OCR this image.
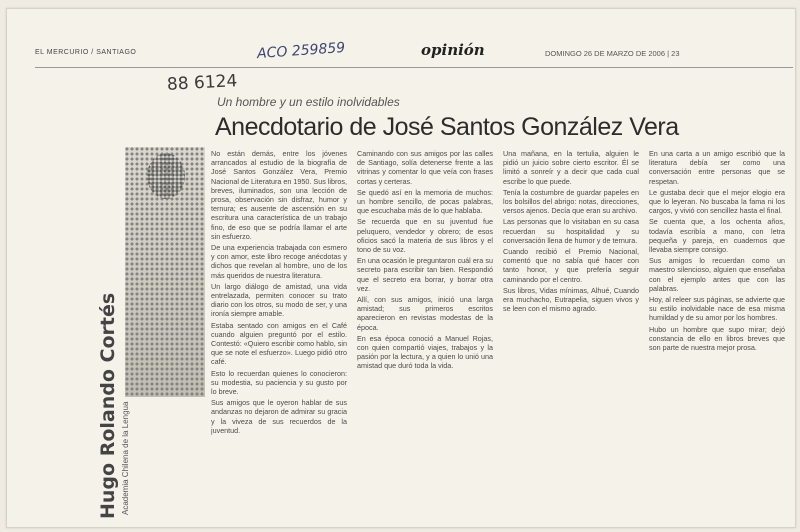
EL MERCURIO / SANTIAGO	ACO 259859	opinión	DOMINGO 26 DE MARZO DE 2006 | 23
88 6124
Un hombre y un estilo inolvidables
Anecdotario de José Santos González Vera
Hugo Rolando Cortés Academia Chilena de la Lengua

No están demás, entre los jóvenes arrancados al estudio de la biografía de José Santos González Vera, Premio Nacional de Literatura en 1950. Sus libros, breves, iluminados, son una lección de prosa, observación sin disfraz, humor y ternura; es ausente de ascensión en su escritura una característica de un trabajo fino, de eso que se podría llamar el arte sin esfuerzo.

De una experiencia trabajada con esmero y con amor, este libro recoge anécdotas y dichos que revelan al hombre, uno de los más queridos de nuestra literatura.

Un largo diálogo de amistad, una vida entrelazada, permiten conocer su trato diario con los otros, su modo de ser, y una ironía siempre amable.

Estaba sentado con amigos en el Café cuando alguien preguntó por el estilo. Contestó: «Quiero escribir como hablo, sin que se note el esfuerzo». Luego pidió otro café.

Esto lo recuerdan quienes lo conocieron: su modestia, su paciencia y su gusto por lo breve.

Sus amigos que le oyeron hablar de sus andanzas no dejaron de admirar su gracia y la viveza de sus recuerdos de la juventud.

Caminando con sus amigos por las calles de Santiago, solía detenerse frente a las vitrinas y comentar lo que veía con frases cortas y certeras.

Se quedó así en la memoria de muchos: un hombre sencillo, de pocas palabras, que escuchaba más de lo que hablaba.

Se recuerda que en su juventud fue peluquero, vendedor y obrero; de esos oficios sacó la materia de sus libros y el tono de su voz.

En una ocasión le preguntaron cuál era su secreto para escribir tan bien. Respondió que el secreto era borrar, y borrar otra vez.

Allí, con sus amigos, inició una larga amistad; sus primeros escritos aparecieron en revistas modestas de la época.

En esa época conoció a Manuel Rojas, con quien compartió viajes, trabajos y la pasión por la lectura, y a quien lo unió una amistad que duró toda la vida.

Una mañana, en la tertulia, alguien le pidió un juicio sobre cierto escritor. Él se limitó a sonreír y a decir que cada cual escribe lo que puede.

Tenía la costumbre de guardar papeles en los bolsillos del abrigo: notas, direcciones, versos ajenos. Decía que eran su archivo.

Las personas que lo visitaban en su casa recuerdan su hospitalidad y su conversación llena de humor y de ternura.

Cuando recibió el Premio Nacional, comentó que no sabía qué hacer con tanto honor, y que prefería seguir caminando por el centro.

Sus libros, Vidas mínimas, Alhué, Cuando era muchacho, Eutrapelia, siguen vivos y se leen con el mismo agrado.

En una carta a un amigo escribió que la literatura debía ser como una conversación entre personas que se respetan.

Le gustaba decir que el mejor elogio era que lo leyeran. No buscaba la fama ni los cargos, y vivió con sencillez hasta el final.

Se cuenta que, a los ochenta años, todavía escribía a mano, con letra pequeña y pareja, en cuadernos que llevaba siempre consigo.

Sus amigos lo recuerdan como un maestro silencioso, alguien que enseñaba con el ejemplo antes que con las palabras.

Hoy, al releer sus páginas, se advierte que su estilo inolvidable nace de esa misma humildad y de su amor por los hombres.

Hubo un hombre que supo mirar; dejó constancia de ello en libros breves que son parte de nuestra mejor prosa.
